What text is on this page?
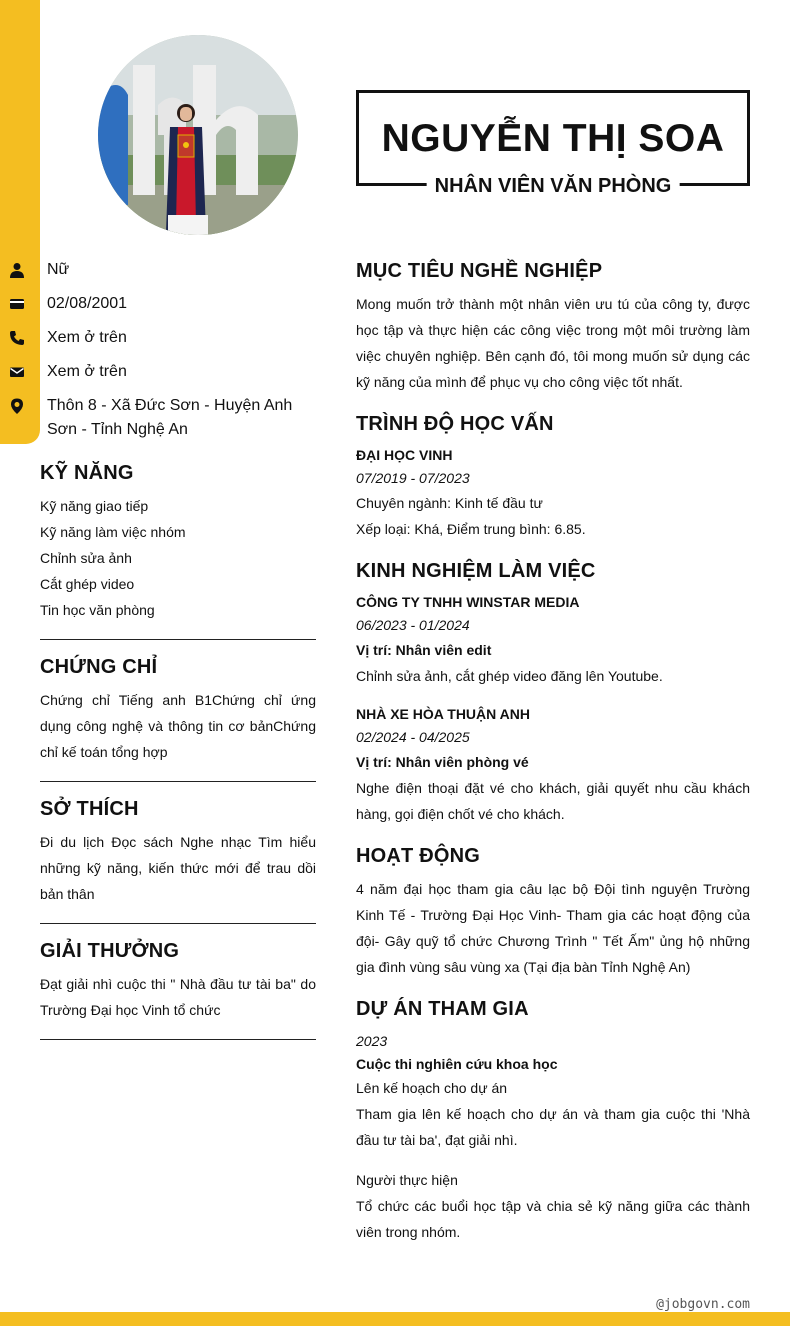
NGUYỄN THỊ SOA
NHÂN VIÊN VĂN PHÒNG
Nữ
02/08/2001
Xem ở trên
Xem ở trên
Thôn 8 - Xã Đức Sơn - Huyện Anh Sơn - Tỉnh Nghệ An
KỸ NĂNG
Kỹ năng giao tiếp
Kỹ năng làm việc nhóm
Chỉnh sửa ảnh
Cắt ghép video
Tin học văn phòng
CHỨNG CHỈ
Chứng chỉ Tiếng anh B1Chứng chỉ ứng dụng công nghệ và thông tin cơ bảnChứng chỉ kế toán tổng hợp
SỞ THÍCH
Đi du lịch Đọc sách Nghe nhạc Tìm hiểu những kỹ năng, kiến thức mới để trau dồi bản thân
GIẢI THƯỞNG
Đạt giải nhì cuộc thi " Nhà đầu tư tài ba" do Trường Đại học Vinh tổ chức
MỤC TIÊU NGHỀ NGHIỆP
Mong muốn trở thành một nhân viên ưu tú của công ty, được học tập và thực hiện các công việc trong một môi trường làm việc chuyên nghiệp. Bên cạnh đó, tôi mong muốn sử dụng các kỹ năng của mình để phục vụ cho công việc tốt nhất.
TRÌNH ĐỘ HỌC VẤN
ĐẠI HỌC VINH
07/2019 - 07/2023
Chuyên ngành: Kinh tế đầu tư
Xếp loại: Khá, Điểm trung bình: 6.85.
KINH NGHIỆM LÀM VIỆC
CÔNG TY TNHH WINSTAR MEDIA
06/2023 - 01/2024
Vị trí: Nhân viên edit
Chỉnh sửa ảnh, cắt ghép video đăng lên Youtube.
NHÀ XE HÒA THUẬN ANH
02/2024 - 04/2025
Vị trí: Nhân viên phòng vé
Nghe điện thoại đặt vé cho khách, giải quyết nhu cầu khách hàng, gọi điện chốt vé cho khách.
HOẠT ĐỘNG
4 năm đại học tham gia câu lạc bộ Đội tình nguyện Trường Kinh Tế - Trường Đại Học Vinh- Tham gia các hoạt động của đội- Gây quỹ tổ chức Chương Trình " Tết Ấm" ủng hộ những gia đình vùng sâu vùng xa (Tại địa bàn Tỉnh Nghệ An)
DỰ ÁN THAM GIA
2023
Cuộc thi nghiên cứu khoa học
Lên kế hoạch cho dự án
Tham gia lên kế hoạch cho dự án và tham gia cuộc thi 'Nhà đầu tư tài ba', đạt giải nhì.
Người thực hiện
Tổ chức các buổi học tập và chia sẻ kỹ năng giữa các thành viên trong nhóm.
@jobgovn.com
